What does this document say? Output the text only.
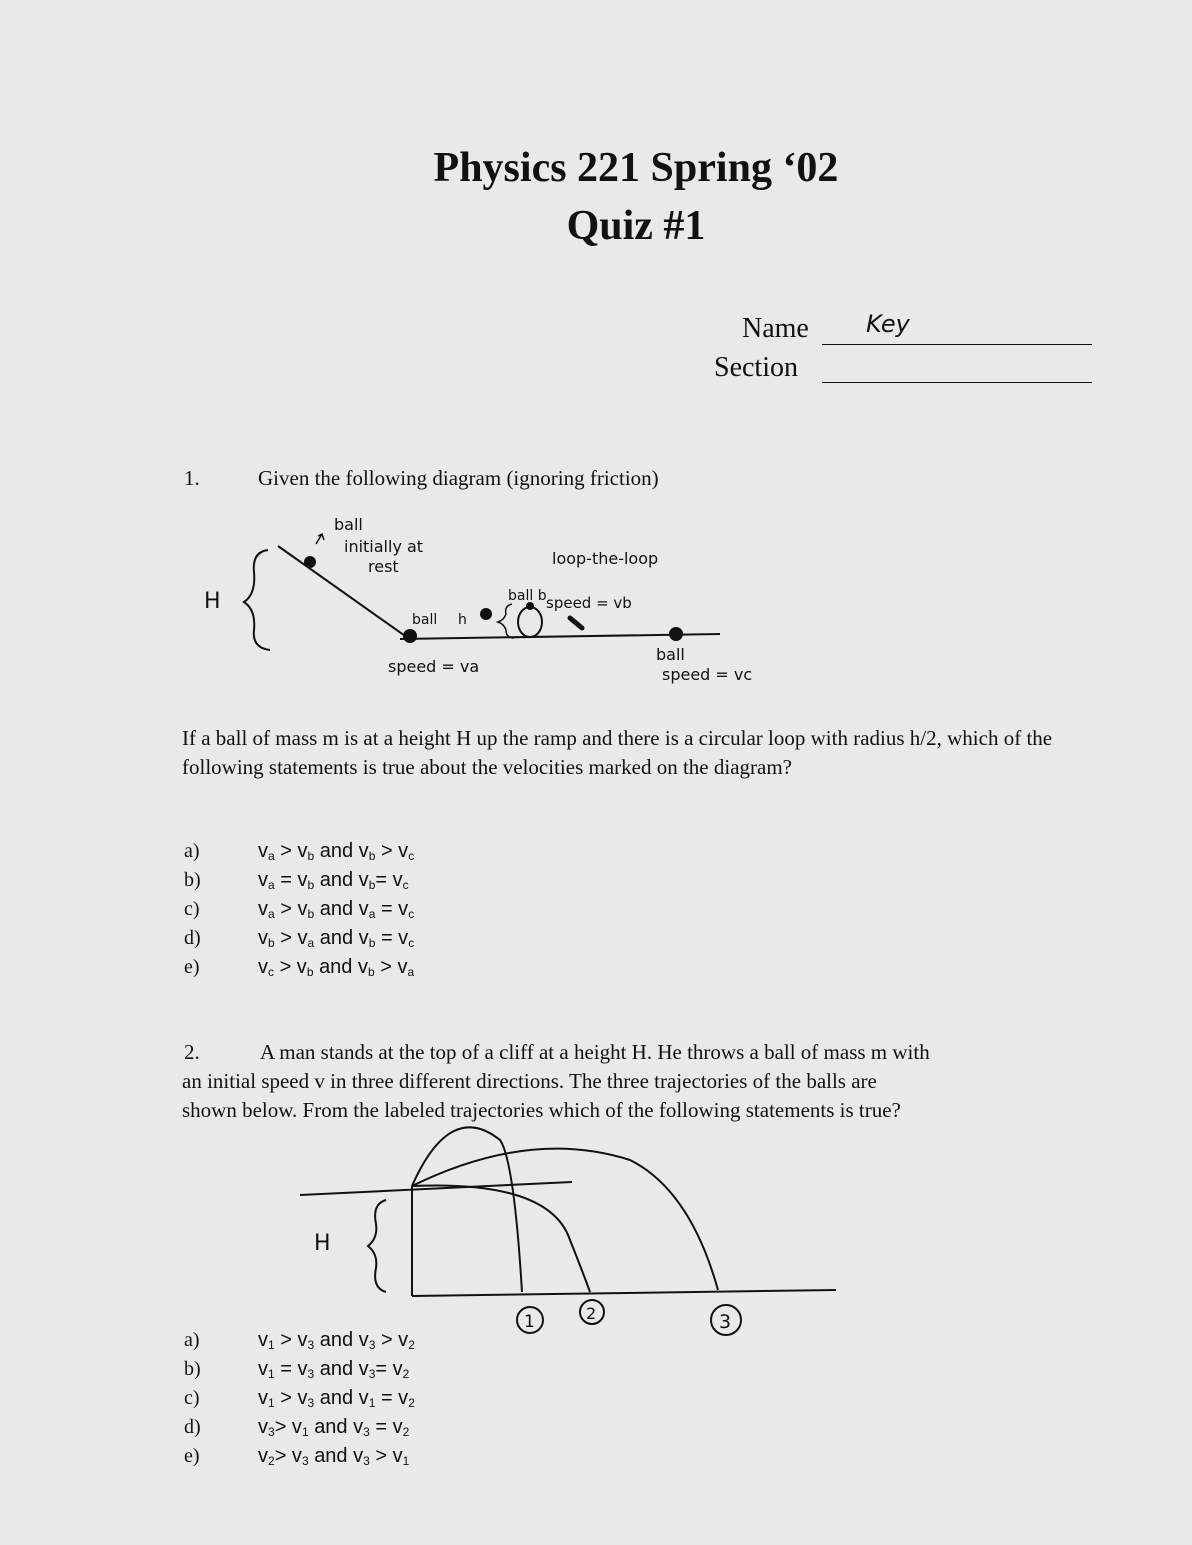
Physics 221 Spring ‘02
Quiz #1
Name Key
Section
1.	Given the following diagram (ignoring friction)
H
ball
initially at
rest	loop-the-loop
speed = va
ball h
ball b speed = vb
ball
speed = vc
If a ball of mass m is at a height H up the ramp and there is a circular loop with radius h/2, which of the following statements is true about the velocities marked on the diagram?
a)	$v_a > v_b$ and $v_b > v_c$
b)	$v_a = v_b$ and $v_b= v_c$
c)	$v_a > v_b$ and $v_a = v_c$
d)	$v_b > v_a$ and $v_b = v_c$
e)	$v_c > v_b$ and $v_b > v_a$
2.	A man stands at the top of a cliff at a height H. He throws a ball of mass m with
an initial speed v in three different directions. The three trajectories of the balls are
shown below. From the labeled trajectories which of the following statements is true?
H
1	2	3
a)	$v_1 > v_3$ and $v_3 > v_2$
b)	$v_1 = v_3$ and $v_3= v_2$
c)	$v_1 > v_3$ and $v_1 = v_2$
d)	$v_3> v_1$ and $v_3 = v_2$
e)	$v_2> v_3$ and $v_3 > v_1$
